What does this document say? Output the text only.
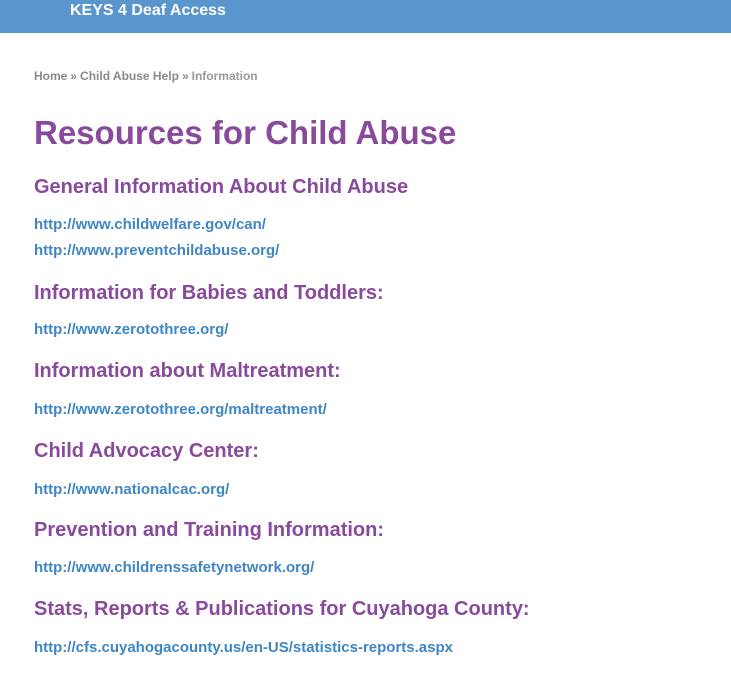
KEYS 4 Deaf Access
Home » Child Abuse Help » Information
Resources for Child Abuse
General Information About Child Abuse
http://www.childwelfare.gov/can/
http://www.preventchildabuse.org/
Information for Babies and Toddlers:
http://www.zerotothree.org/
Information about Maltreatment:
http://www.zerotothree.org/maltreatment/
Child Advocacy Center:
http://www.nationalcac.org/
Prevention and Training Information:
http://www.childrenssafetynetwork.org/
Stats, Reports & Publications for Cuyahoga County:
http://cfs.cuyahogacounty.us/en-US/statistics-reports.aspx
